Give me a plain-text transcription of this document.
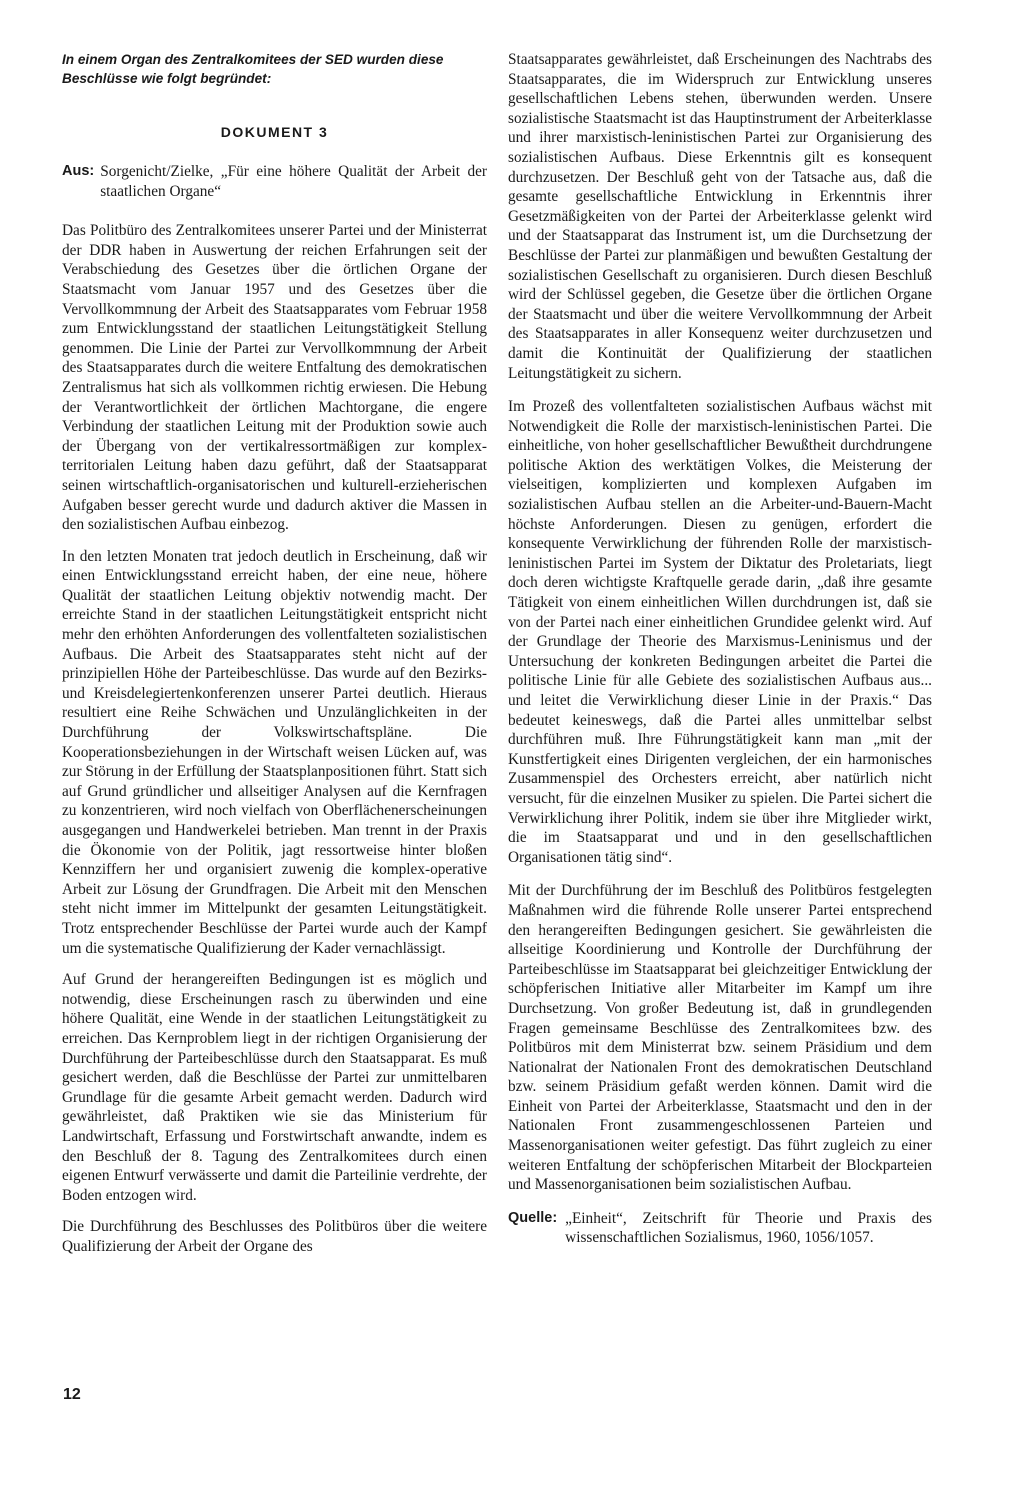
In einem Organ des Zentralkomitees der SED wurden diese Beschlüsse wie folgt begründet:

DOKUMENT 3
Aus: Sorgenicht/Zielke, „Für eine höhere Qualität der Arbeit der staatlichen Organe“

Das Politbüro des Zentralkomitees unserer Partei und der Ministerrat der DDR haben in Auswertung der reichen Erfahrungen seit der Verabschiedung des Gesetzes über die örtlichen Organe der Staatsmacht vom Januar 1957 und des Gesetzes über die Vervollkommnung der Arbeit des Staatsapparates vom Februar 1958 zum Entwicklungsstand der staatlichen Leitungstätigkeit Stellung genommen. Die Linie der Partei zur Vervollkommnung der Arbeit des Staatsapparates durch die weitere Entfaltung des demokratischen Zentralismus hat sich als vollkommen richtig erwiesen. Die Hebung der Verantwortlichkeit der örtlichen Machtorgane, die engere Verbindung der staatlichen Leitung mit der Produktion sowie auch der Übergang von der vertikalressortmäßigen zur komplex-territorialen Leitung haben dazu geführt, daß der Staatsapparat seinen wirtschaftlich-organisatorischen und kulturell-erzieherischen Aufgaben besser gerecht wurde und dadurch aktiver die Massen in den sozialistischen Aufbau einbezog.

In den letzten Monaten trat jedoch deutlich in Erscheinung, daß wir einen Entwicklungsstand erreicht haben, der eine neue, höhere Qualität der staatlichen Leitung objektiv notwendig macht. Der erreichte Stand in der staatlichen Leitungstätigkeit entspricht nicht mehr den erhöhten Anforderungen des vollentfalteten sozialistischen Aufbaus. Die Arbeit des Staatsapparates steht nicht auf der prinzipiellen Höhe der Parteibeschlüsse. Das wurde auf den Bezirks- und Kreisdelegiertenkonferenzen unserer Partei deutlich. Hieraus resultiert eine Reihe Schwächen und Unzulänglichkeiten in der Durchführung der Volkswirtschaftspläne. Die Kooperationsbeziehungen in der Wirtschaft weisen Lücken auf, was zur Störung in der Erfüllung der Staatsplanpositionen führt. Statt sich auf Grund gründlicher und allseitiger Analysen auf die Kernfragen zu konzentrieren, wird noch vielfach von Oberflächenerscheinungen ausgegangen und Handwerkelei betrieben. Man trennt in der Praxis die Ökonomie von der Politik, jagt ressortweise hinter bloßen Kennziffern her und organisiert zuwenig die komplex-operative Arbeit zur Lösung der Grundfragen. Die Arbeit mit den Menschen steht nicht immer im Mittelpunkt der gesamten Leitungstätigkeit. Trotz entsprechender Beschlüsse der Partei wurde auch der Kampf um die systematische Qualifizierung der Kader vernachlässigt.

Auf Grund der herangereiften Bedingungen ist es möglich und notwendig, diese Erscheinungen rasch zu überwinden und eine höhere Qualität, eine Wende in der staatlichen Leitungstätigkeit zu erreichen. Das Kernproblem liegt in der richtigen Organisierung der Durchführung der Parteibeschlüsse durch den Staatsapparat. Es muß gesichert werden, daß die Beschlüsse der Partei zur unmittelbaren Grundlage für die gesamte Arbeit gemacht werden. Dadurch wird gewährleistet, daß Praktiken wie sie das Ministerium für Landwirtschaft, Erfassung und Forstwirtschaft anwandte, indem es den Beschluß der 8. Tagung des Zentralkomitees durch einen eigenen Entwurf verwässerte und damit die Parteilinie verdrehte, der Boden entzogen wird.

Die Durchführung des Beschlusses des Politbüros über die weitere Qualifizierung der Arbeit der Organe des

Staatsapparates gewährleistet, daß Erscheinungen des Nachtrabs des Staatsapparates, die im Widerspruch zur Entwicklung unseres gesellschaftlichen Lebens stehen, überwunden werden. Unsere sozialistische Staatsmacht ist das Hauptinstrument der Arbeiterklasse und ihrer marxistisch-leninistischen Partei zur Organisierung des sozialistischen Aufbaus. Diese Erkenntnis gilt es konsequent durchzusetzen. Der Beschluß geht von der Tatsache aus, daß die gesamte gesellschaftliche Entwicklung in Erkenntnis ihrer Gesetzmäßigkeiten von der Partei der Arbeiterklasse gelenkt wird und der Staatsapparat das Instrument ist, um die Durchsetzung der Beschlüsse der Partei zur planmäßigen und bewußten Gestaltung der sozialistischen Gesellschaft zu organisieren. Durch diesen Beschluß wird der Schlüssel gegeben, die Gesetze über die örtlichen Organe der Staatsmacht und über die weitere Vervollkommnung der Arbeit des Staatsapparates in aller Konsequenz weiter durchzusetzen und damit die Kontinuität der Qualifizierung der staatlichen Leitungstätigkeit zu sichern.

Im Prozeß des vollentfalteten sozialistischen Aufbaus wächst mit Notwendigkeit die Rolle der marxistisch-leninistischen Partei. Die einheitliche, von hoher gesellschaftlicher Bewußtheit durchdrungene politische Aktion des werktätigen Volkes, die Meisterung der vielseitigen, komplizierten und komplexen Aufgaben im sozialistischen Aufbau stellen an die Arbeiter-und-Bauern-Macht höchste Anforderungen. Diesen zu genügen, erfordert die konsequente Verwirklichung der führenden Rolle der marxistisch-leninistischen Partei im System der Diktatur des Proletariats, liegt doch deren wichtigste Kraftquelle gerade darin, „daß ihre gesamte Tätigkeit von einem einheitlichen Willen durchdrungen ist, daß sie von der Partei nach einer einheitlichen Grundidee gelenkt wird. Auf der Grundlage der Theorie des Marxismus-Leninismus und der Untersuchung der konkreten Bedingungen arbeitet die Partei die politische Linie für alle Gebiete des sozialistischen Aufbaus aus... und leitet die Verwirklichung dieser Linie in der Praxis.“ Das bedeutet keineswegs, daß die Partei alles unmittelbar selbst durchführen muß. Ihre Führungstätigkeit kann man „mit der Kunstfertigkeit eines Dirigenten vergleichen, der ein harmonisches Zusammenspiel des Orchesters erreicht, aber natürlich nicht versucht, für die einzelnen Musiker zu spielen. Die Partei sichert die Verwirklichung ihrer Politik, indem sie über ihre Mitglieder wirkt, die im Staatsapparat und und in den gesellschaftlichen Organisationen tätig sind“.

Mit der Durchführung der im Beschluß des Politbüros festgelegten Maßnahmen wird die führende Rolle unserer Partei entsprechend den herangereiften Bedingungen gesichert. Sie gewährleisten die allseitige Koordinierung und Kontrolle der Durchführung der Parteibeschlüsse im Staatsapparat bei gleichzeitiger Entwicklung der schöpferischen Initiative aller Mitarbeiter im Kampf um ihre Durchsetzung. Von großer Bedeutung ist, daß in grundlegenden Fragen gemeinsame Beschlüsse des Zentralkomitees bzw. des Politbüros mit dem Ministerrat bzw. seinem Präsidium und dem Nationalrat der Nationalen Front des demokratischen Deutschland bzw. seinem Präsidium gefaßt werden können. Damit wird die Einheit von Partei der Arbeiterklasse, Staatsmacht und den in der Nationalen Front zusammengeschlossenen Parteien und Massenorganisationen weiter gefestigt. Das führt zugleich zu einer weiteren Entfaltung der schöpferischen Mitarbeit der Blockparteien und Massenorganisationen beim sozialistischen Aufbau.

Quelle: „Einheit“, Zeitschrift für Theorie und Praxis des wissenschaftlichen Sozialismus, 1960, 1056/1057.
12
